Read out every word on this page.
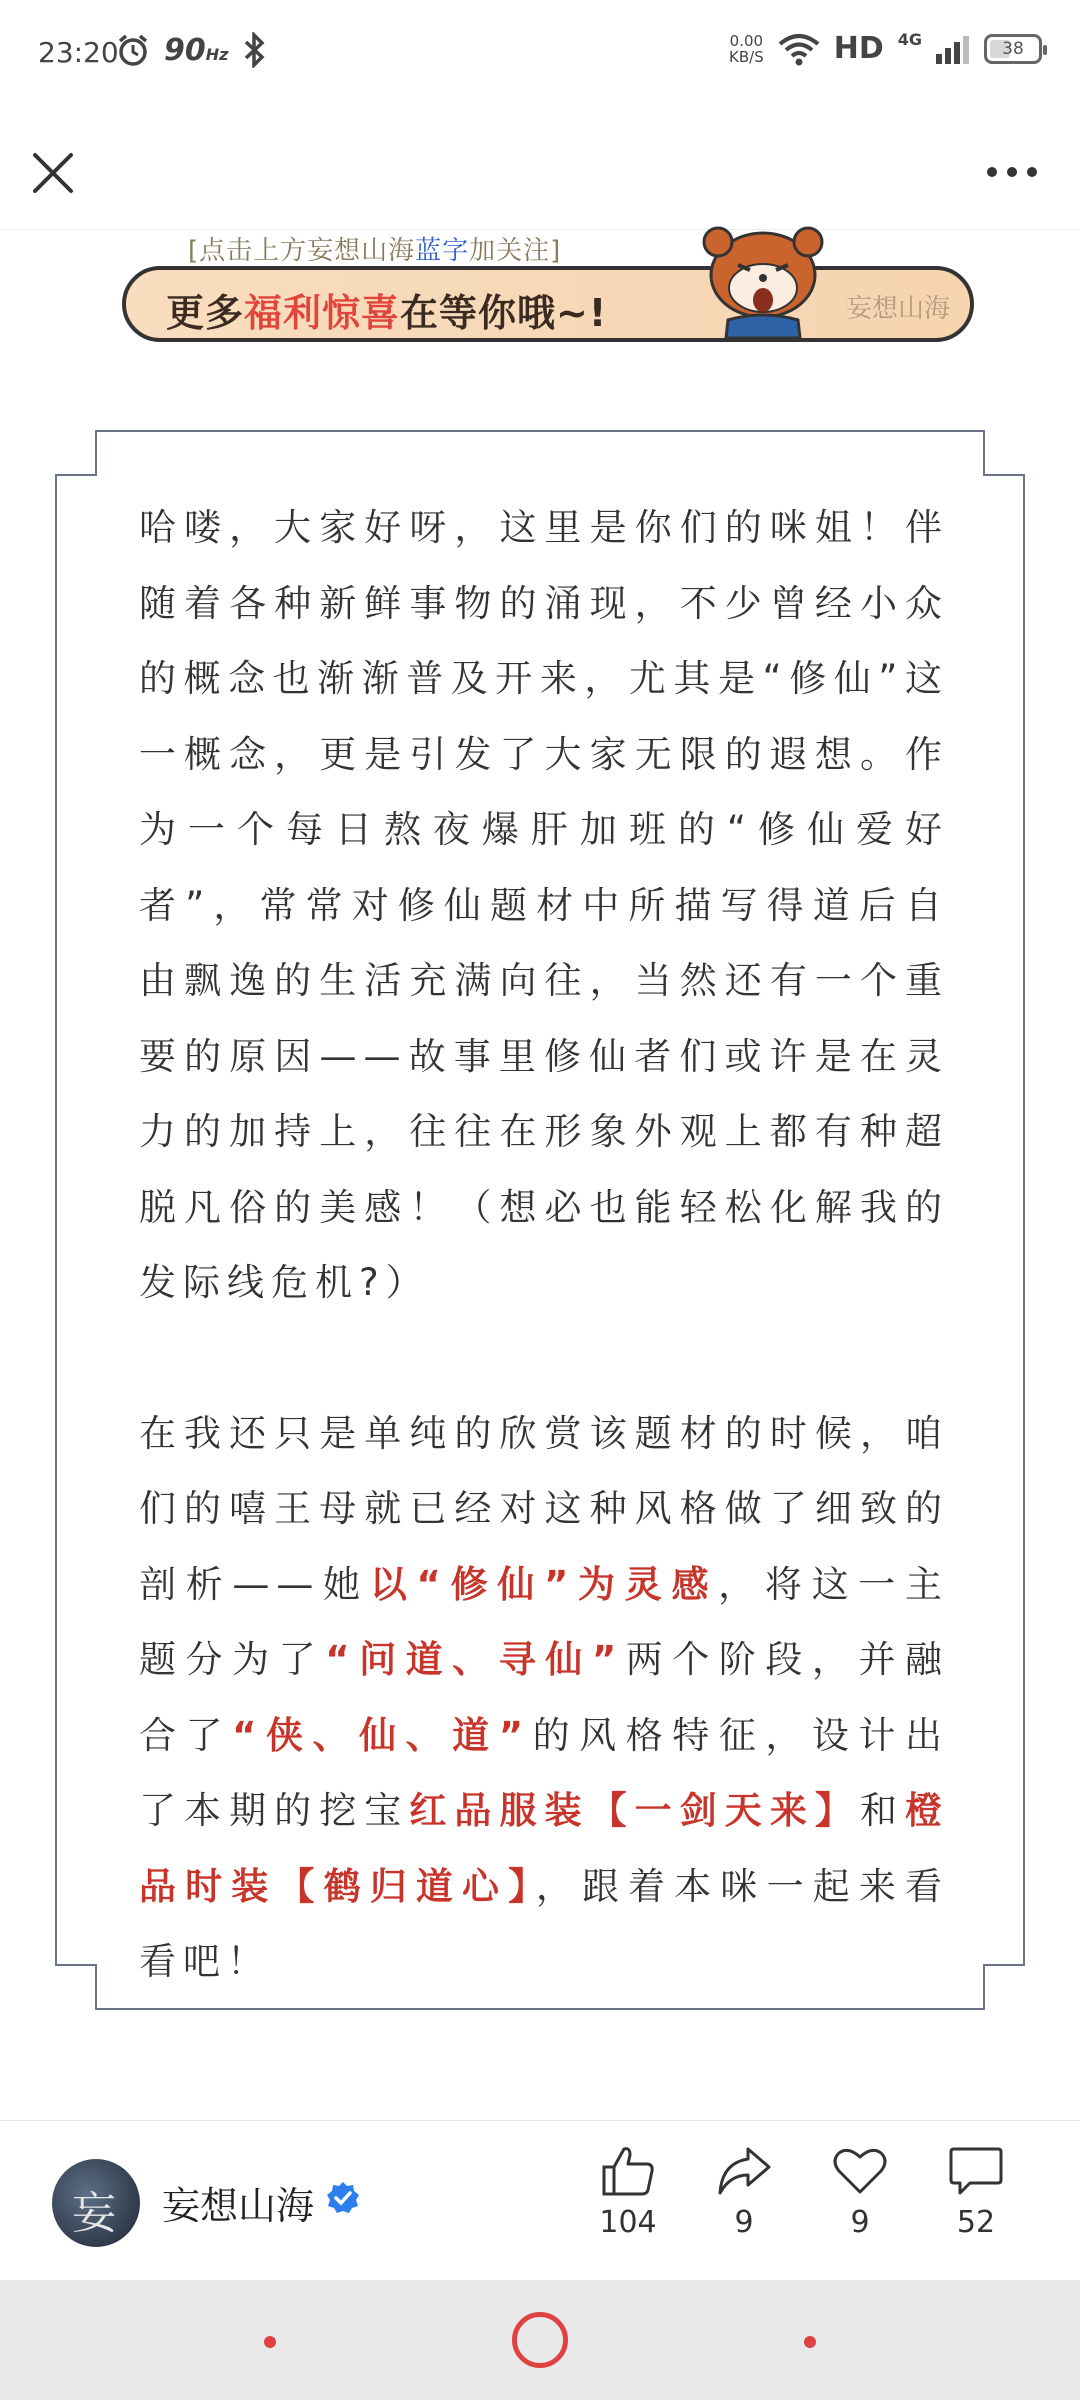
23:20 90Hz
0.00
KB/S HD 4G	38
[点击上方妄想山海蓝字加关注]
更多福利惊喜在等你哦~!	妄想山海

哈喽，大家好呀，这里是你们的咪姐！伴随着各种新鲜事物的涌现，不少曾经小众的概念也渐渐普及开来，尤其是“修仙”这一概念，更是引发了大家无限的遐想。作为一个每日熬夜爆肝加班的“修仙爱好者”，常常对修仙题材中所描写得道后自由飘逸的生活充满向往，当然还有一个重要的原因——故事里修仙者们或许是在灵力的加持上，往往在形象外观上都有种超脱凡俗的美感！（想必也能轻松化解我的发际线危机?）

在我还只是单纯的欣赏该题材的时候，咱们的嘻王母就已经对这种风格做了细致的剖析——她以“修仙”为灵感，将这一主题分为了“问道、寻仙”两个阶段，并融合了“侠、仙、道”的风格特征，设计出了本期的挖宝红品服装【一剑天来】和橙品时装【鹤归道心】，跟着本咪一起来看看吧！

妄 妄想山海	104	9	9	52
